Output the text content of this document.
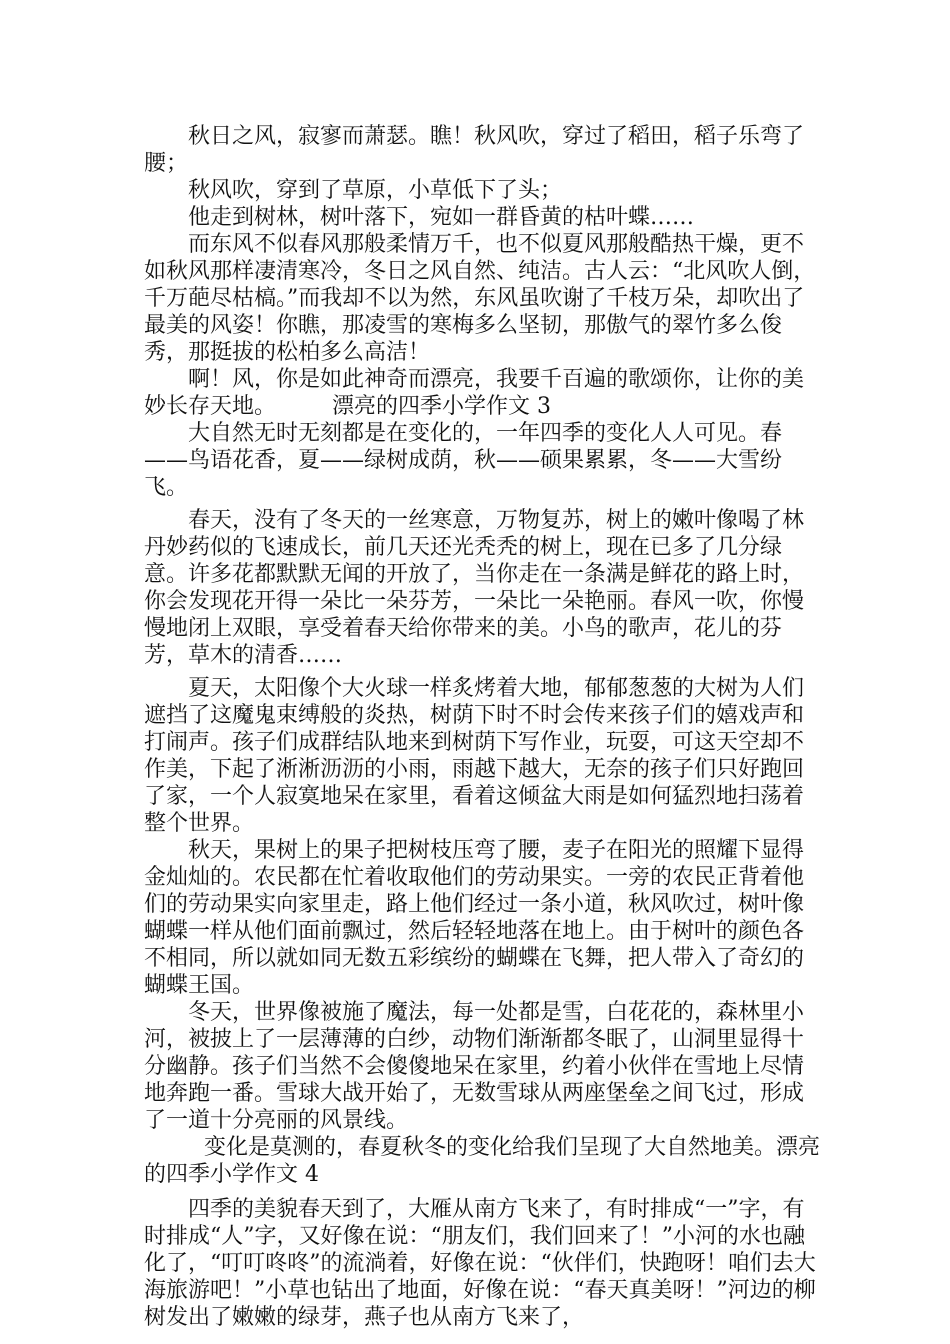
秋日之风，寂寥而萧瑟。瞧！秋风吹，穿过了稻田，稻子乐弯了腰；

秋风吹，穿到了草原，小草低下了头；

他走到树林，树叶落下，宛如一群昏黄的枯叶蝶……

而东风不似春风那般柔情万千，也不似夏风那般酷热干燥，更不如秋风那样凄清寒冷，冬日之风自然、纯洁。古人云：“北风吹人倒，千万葩尽枯槁。”而我却不以为然，东风虽吹谢了千枝万朵，却吹出了最美的风姿！你瞧，那凌雪的寒梅多么坚韧，那傲气的翠竹多么俊秀，那挺拔的松柏多么高洁！

啊！风，你是如此神奇而漂亮，我要千百遍的歌颂你，让你的美妙长存天地。        漂亮的四季小学作文 3

大自然无时无刻都是在变化的，一年四季的变化人人可见。春——鸟语花香，夏——绿树成荫，秋——硕果累累，冬——大雪纷飞。

春天，没有了冬天的一丝寒意，万物复苏，树上的嫩叶像喝了林丹妙药似的飞速成长，前几天还光秃秃的树上，现在已多了几分绿意。许多花都默默无闻的开放了，当你走在一条满是鲜花的路上时，你会发现花开得一朵比一朵芬芳，一朵比一朵艳丽。春风一吹，你慢慢地闭上双眼，享受着春天给你带来的美。小鸟的歌声，花儿的芬芳，草木的清香……

夏天，太阳像个大火球一样炙烤着大地，郁郁葱葱的大树为人们遮挡了这魔鬼束缚般的炎热，树荫下时不时会传来孩子们的嬉戏声和打闹声。孩子们成群结队地来到树荫下写作业，玩耍，可这天空却不作美，下起了淅淅沥沥的小雨，雨越下越大，无奈的孩子们只好跑回了家，一个人寂寞地呆在家里，看着这倾盆大雨是如何猛烈地扫荡着整个世界。

秋天，果树上的果子把树枝压弯了腰，麦子在阳光的照耀下显得金灿灿的。农民都在忙着收取他们的劳动果实。一旁的农民正背着他们的劳动果实向家里走，路上他们经过一条小道，秋风吹过，树叶像蝴蝶一样从他们面前飘过，然后轻轻地落在地上。由于树叶的颜色各不相同，所以就如同无数五彩缤纷的蝴蝶在飞舞，把人带入了奇幻的蝴蝶王国。

冬天，世界像被施了魔法，每一处都是雪，白花花的，森林里小河，被披上了一层薄薄的白纱，动物们渐渐都冬眠了，山洞里显得十分幽静。孩子们当然不会傻傻地呆在家里，约着小伙伴在雪地上尽情地奔跑一番。雪球大战开始了，无数雪球从两座堡垒之间飞过，形成了一道十分亮丽的风景线。

变化是莫测的，春夏秋冬的变化给我们呈现了大自然地美。漂亮的四季小学作文 4

四季的美貌春天到了，大雁从南方飞来了，有时排成“一”字，有时排成“人”字，又好像在说：“朋友们，我们回来了！”小河的水也融化了，“叮叮咚咚”的流淌着，好像在说：“伙伴们，快跑呀！咱们去大海旅游吧！”小草也钻出了地面，好像在说：“春天真美呀！”河边的柳树发出了嫩嫩的绿芽，燕子也从南方飞来了，
